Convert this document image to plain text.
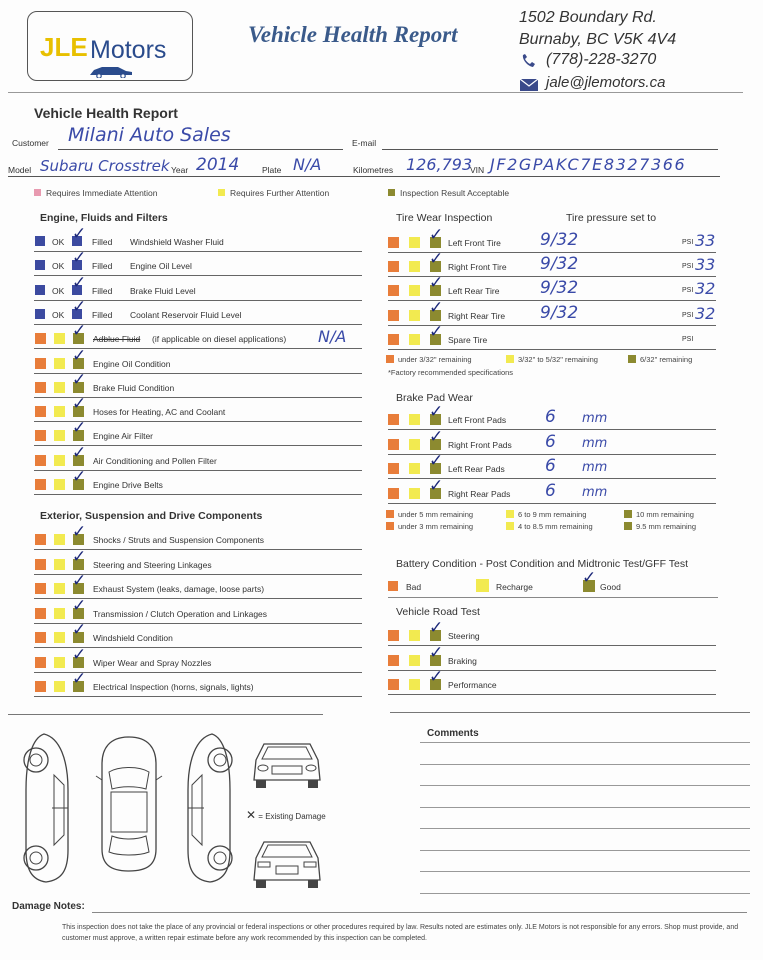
JLE Motors
Vehicle Health Report
1502 Boundary Rd.
Burnaby, BC V5K 4V4
(778)-228-3270
jale@jlemotors.ca
Vehicle Health Report
Customer Milani Auto Sales	E-mail
Model Subaru Crosstrek Year 2014	Plate N/A	Kilometres 126,793
VIN JF2GPAKC7E8327366
Requires Immediate Attention	Requires Further Attention	Inspection Result Acceptable
Engine, Fluids and Filters
OK ✓ Filled Windshield Washer Fluid
OK ✓ Filled Engine Oil Level
OK ✓ Filled Brake Fluid Level
OK ✓ Filled Coolant Reservoir Fluid Level
✓ Adblue Fluid (if applicable on diesel applications) N/A
✓ Engine Oil Condition
✓ Brake Fluid Condition
✓ Hoses for Heating, AC and Coolant
✓ Engine Air Filter
✓ Air Conditioning and Pollen Filter
✓ Engine Drive Belts
Exterior, Suspension and Drive Components
✓ Shocks / Struts and Suspension Components
✓ Steering and Steering Linkages
✓ Exhaust System (leaks, damage, loose parts)
✓ Transmission / Clutch Operation and Linkages
✓ Windshield Condition
✓ Wiper Wear and Spray Nozzles
✓ Electrical Inspection (horns, signals, lights)
Tire Wear Inspection	Tire pressure set to
✓ Left Front Tire 9/32	PSI 33
✓ Right Front Tire 9/32	PSI 33
✓ Left Rear Tire 9/32	PSI 32
✓ Right Rear Tire 9/32	PSI 32
✓ Spare Tire	PSI
under 3/32" remaining	3/32" to 5/32" remaining	6/32" remaining
*Factory recommended specifications
Brake Pad Wear
✓ Left Front Pads 6 mm
✓ Right Front Pads 6 mm
✓ Left Rear Pads 6 mm
✓ Right Rear Pads 6 mm
under 5 mm remaining	6 to 9 mm remaining	10 mm remaining
under 3 mm remaining	4 to 8.5 mm remaining	9.5 mm remaining
Battery Condition - Post Condition and Midtronic Test/GFF Test
Bad	Recharge	✓ Good
Vehicle Road Test
✓ Steering
✓ Braking
✓ Performance
✕ = Existing Damage
Comments
Damage Notes:
This inspection does not take the place of any provincial or federal inspections or other procedures required by law. Results noted are estimates only. JLE Motors is not responsible for any errors. Shop must provide, and customer must approve, a written repair estimate before any work recommended by this inspection can be completed.
